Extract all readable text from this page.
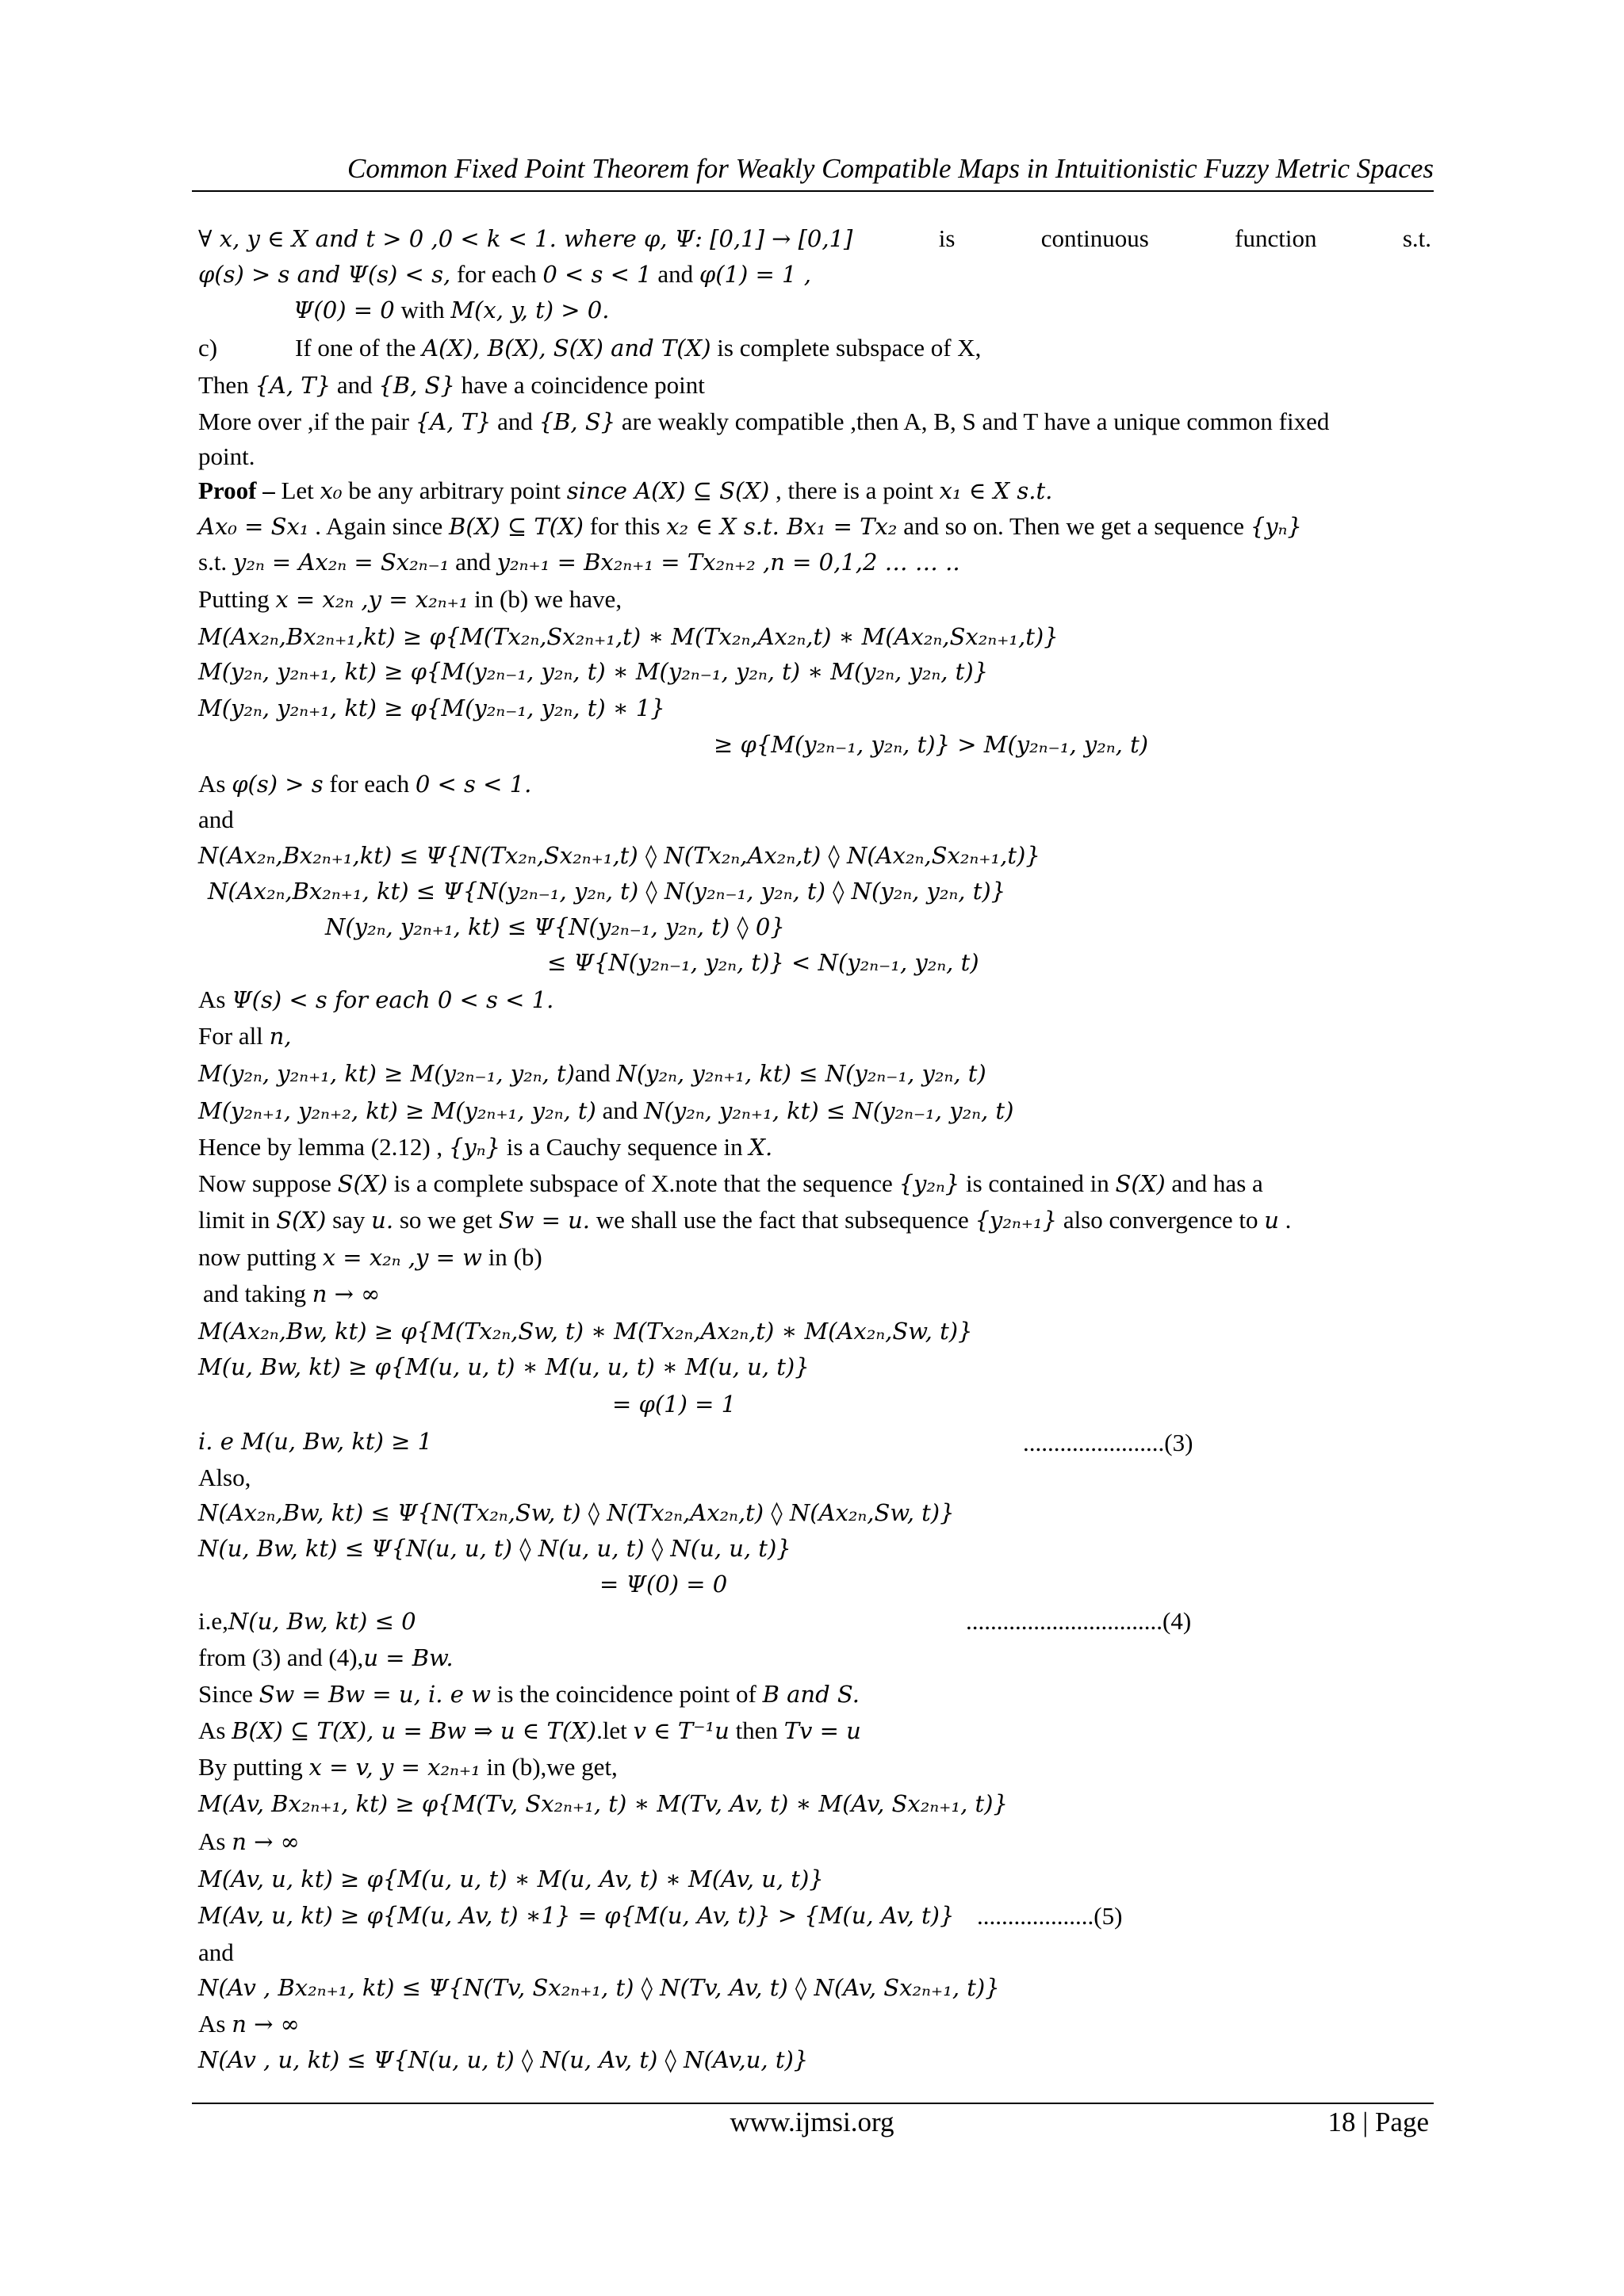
Common Fixed Point Theorem for Weakly Compatible Maps in Intuitionistic Fuzzy Metric Spaces
∀ x, y ∈ X and t > 0 ,0 < k < 1. where φ, Ψ: [0,1] → [0,1]	is	continuous	function	s.t.
φ(s) > s and Ψ(s) < s, for each 0 < s < 1 and φ(1) = 1 ,
Ψ(0) = 0 with M(x, y, t) > 0.
c)	If one of the A(X), B(X), S(X) and T(X) is complete subspace of X,
Then {A, T} and {B, S} have a coincidence point
More over ,if the pair {A, T} and {B, S} are weakly compatible ,then A, B, S and T have a unique common fixed
point.
Proof – Let x₀ be any arbitrary point since A(X) ⊆ S(X) , there is a point x₁ ∈ X s.t.
Ax₀ = Sx₁ . Again since B(X) ⊆ T(X) for this x₂ ∈ X s.t. Bx₁ = Tx₂ and so on. Then we get a sequence {yₙ}
s.t. y₂ₙ = Ax₂ₙ = Sx₂ₙ₋₁ and y₂ₙ₊₁ = Bx₂ₙ₊₁ = Tx₂ₙ₊₂ ,n = 0,1,2 … … ..
Putting x = x₂ₙ ,y = x₂ₙ₊₁ in (b) we have,
M(Ax₂ₙ,Bx₂ₙ₊₁,kt) ≥ φ{M(Tx₂ₙ,Sx₂ₙ₊₁,t) ∗ M(Tx₂ₙ,Ax₂ₙ,t) ∗ M(Ax₂ₙ,Sx₂ₙ₊₁,t)}
M(y₂ₙ, y₂ₙ₊₁, kt) ≥ φ{M(y₂ₙ₋₁, y₂ₙ, t) ∗ M(y₂ₙ₋₁, y₂ₙ, t) ∗ M(y₂ₙ, y₂ₙ, t)}
M(y₂ₙ, y₂ₙ₊₁, kt) ≥ φ{M(y₂ₙ₋₁, y₂ₙ, t) ∗ 1}
≥ φ{M(y₂ₙ₋₁, y₂ₙ, t)} > M(y₂ₙ₋₁, y₂ₙ, t)
As φ(s) > s for each 0 < s < 1.
and
N(Ax₂ₙ,Bx₂ₙ₊₁,kt) ≤ Ψ{N(Tx₂ₙ,Sx₂ₙ₊₁,t) ◊ N(Tx₂ₙ,Ax₂ₙ,t) ◊ N(Ax₂ₙ,Sx₂ₙ₊₁,t)}
N(Ax₂ₙ,Bx₂ₙ₊₁, kt) ≤ Ψ{N(y₂ₙ₋₁, y₂ₙ, t) ◊ N(y₂ₙ₋₁, y₂ₙ, t) ◊ N(y₂ₙ, y₂ₙ, t)}
N(y₂ₙ, y₂ₙ₊₁, kt) ≤ Ψ{N(y₂ₙ₋₁, y₂ₙ, t) ◊ 0}
≤ Ψ{N(y₂ₙ₋₁, y₂ₙ, t)} < N(y₂ₙ₋₁, y₂ₙ, t)
As Ψ(s) < s for each 0 < s < 1.
For all n,
M(y₂ₙ, y₂ₙ₊₁, kt) ≥ M(y₂ₙ₋₁, y₂ₙ, t)and N(y₂ₙ, y₂ₙ₊₁, kt) ≤ N(y₂ₙ₋₁, y₂ₙ, t)
M(y₂ₙ₊₁, y₂ₙ₊₂, kt) ≥ M(y₂ₙ₊₁, y₂ₙ, t) and N(y₂ₙ, y₂ₙ₊₁, kt) ≤ N(y₂ₙ₋₁, y₂ₙ, t)
Hence by lemma (2.12) , {yₙ} is a Cauchy sequence in X.
Now suppose S(X) is a complete subspace of X.note that the sequence {y₂ₙ} is contained in S(X) and has a
limit in S(X) say u. so we get Sw = u. we shall use the fact that subsequence {y₂ₙ₊₁} also convergence to u .
now putting x = x₂ₙ ,y = w in (b)
and taking n → ∞
M(Ax₂ₙ,Bw, kt) ≥ φ{M(Tx₂ₙ,Sw, t) ∗ M(Tx₂ₙ,Ax₂ₙ,t) ∗ M(Ax₂ₙ,Sw, t)}
M(u, Bw, kt) ≥ φ{M(u, u, t) ∗ M(u, u, t) ∗ M(u, u, t)}
= φ(1) = 1
i. e M(u, Bw, kt) ≥ 1	.......................(3)
Also,
N(Ax₂ₙ,Bw, kt) ≤ Ψ{N(Tx₂ₙ,Sw, t) ◊ N(Tx₂ₙ,Ax₂ₙ,t) ◊ N(Ax₂ₙ,Sw, t)}
N(u, Bw, kt) ≤ Ψ{N(u, u, t) ◊ N(u, u, t) ◊ N(u, u, t)}
= Ψ(0) = 0
i.e,N(u, Bw, kt) ≤ 0	................................(4)
from (3) and (4),u = Bw.
Since Sw = Bw = u, i. e w is the coincidence point of B and S.
As B(X) ⊆ T(X), u = Bw ⇒ u ∈ T(X).let v ∈ T⁻¹u then Tv = u
By putting x = v, y = x₂ₙ₊₁ in (b),we get,
M(Av, Bx₂ₙ₊₁, kt) ≥ φ{M(Tv, Sx₂ₙ₊₁, t) ∗ M(Tv, Av, t) ∗ M(Av, Sx₂ₙ₊₁, t)}
As n → ∞
M(Av, u, kt) ≥ φ{M(u, u, t) ∗ M(u, Av, t) ∗ M(Av, u, t)}
M(Av, u, kt) ≥ φ{M(u, Av, t) ∗1} = φ{M(u, Av, t)} > {M(u, Av, t)} ...................(5)
and
N(Av , Bx₂ₙ₊₁, kt) ≤ Ψ{N(Tv, Sx₂ₙ₊₁, t) ◊ N(Tv, Av, t) ◊ N(Av, Sx₂ₙ₊₁, t)}
As n → ∞
N(Av , u, kt) ≤ Ψ{N(u, u, t) ◊ N(u, Av, t) ◊ N(Av,u, t)}
www.ijmsi.org	18 | Page
